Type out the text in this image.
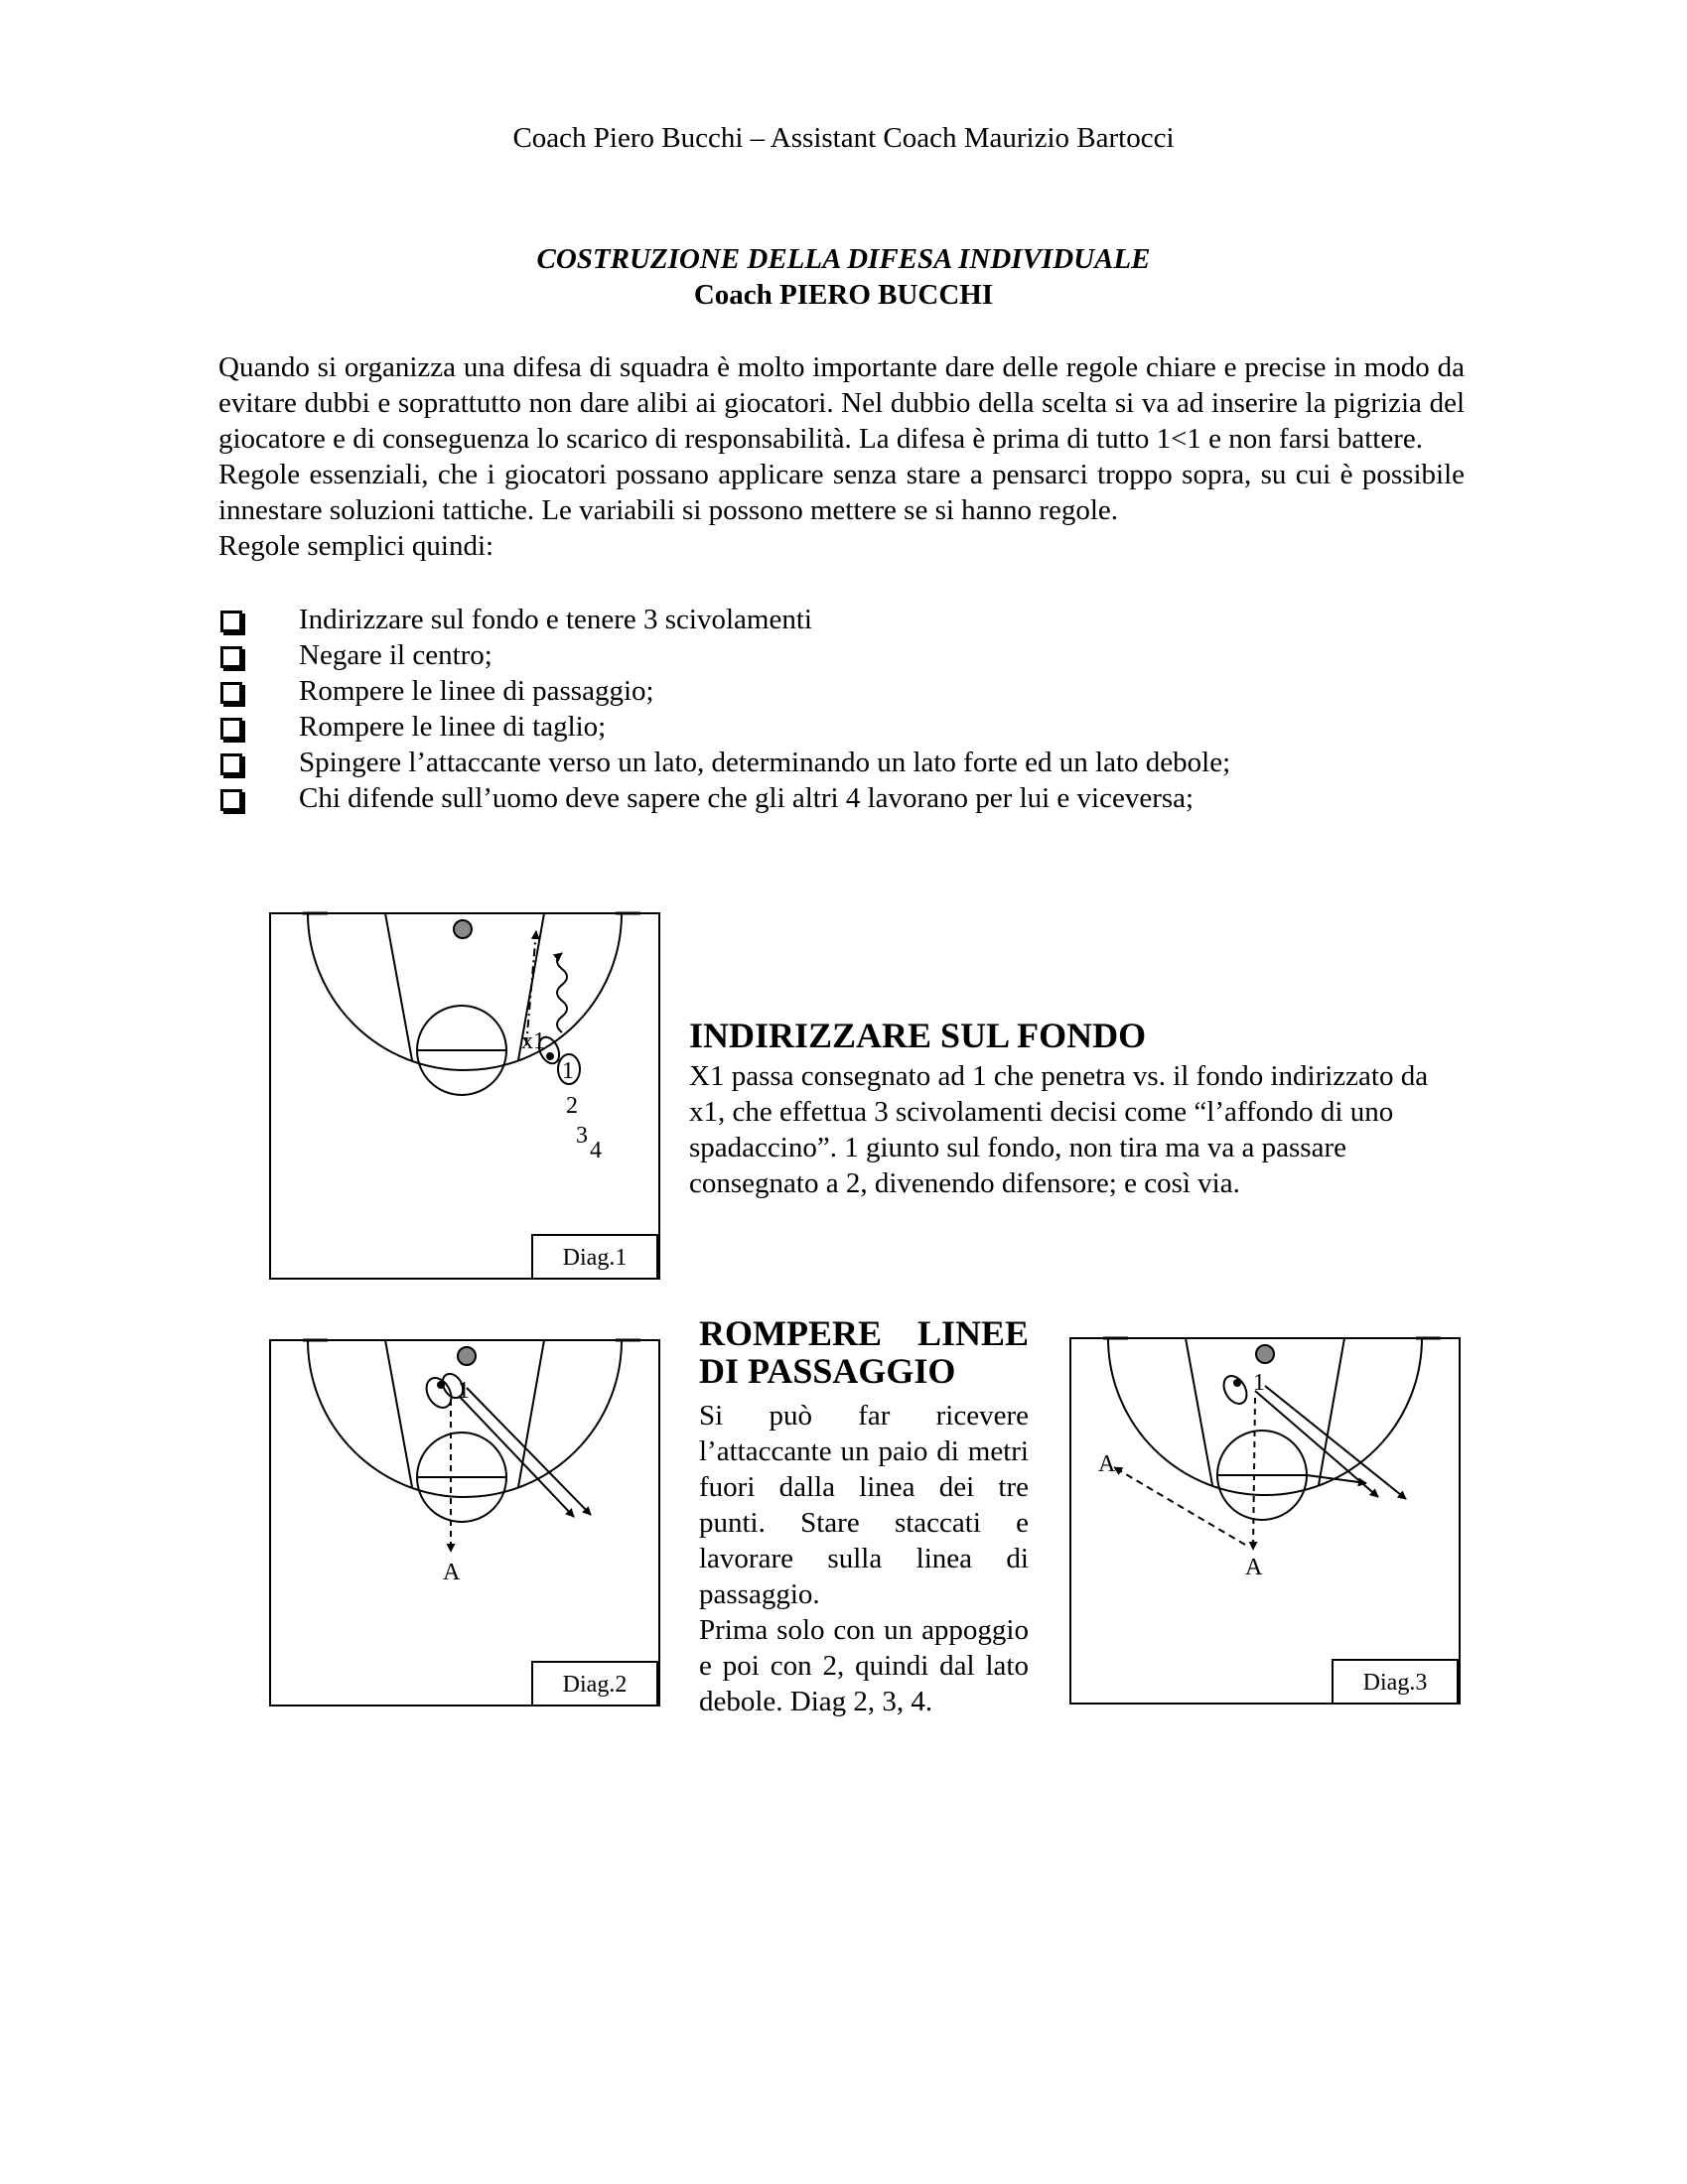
Coach Piero Bucchi – Assistant Coach Maurizio Bartocci
COSTRUZIONE DELLA DIFESA INDIVIDUALE
Coach PIERO BUCCHI

Quando si organizza una difesa di squadra è molto importante dare delle regole chiare e precise in modo da evitare dubbi e soprattutto non dare alibi ai giocatori. Nel dubbio della scelta si va ad inserire la pigrizia del giocatore e di conseguenza lo scarico di responsabilità. La difesa è prima di tutto 1<1 e non farsi battere.

Regole essenziali, che i giocatori possano applicare senza stare a pensarci troppo sopra, su cui è possibile innestare soluzioni tattiche. Le variabili si possono mettere se si hanno regole.

Regole semplici quindi:

Indirizzare sul fondo e tenere 3 scivolamenti
Negare il centro;
Rompere le linee di passaggio;
Rompere le linee di taglio;
Spingere l’attaccante verso un lato, determinando un lato forte ed un lato debole;
Chi difende sull’uomo deve sapere che gli altri 4 lavorano per lui e viceversa;
x1
1
2
3
4
Diag.1
INDIRIZZARE SUL FONDO
X1 passa consegnato ad 1 che penetra vs. il fondo indirizzato da x1, che effettua 3 scivolamenti decisi come “l’affondo di uno spadaccino”. 1 giunto sul fondo, non tira ma va a passare consegnato a 2, divenendo difensore; e così via.
1
A
Diag.2
ROMPERE LINEE
DI PASSAGGIO

Si può far ricevere l’attaccante un paio di metri fuori dalla linea dei tre punti. Stare staccati e lavorare sulla linea di passaggio.

Prima solo con un appoggio e poi con 2, quindi dal lato debole. Diag 2, 3, 4.

1
A
A
Diag.3
